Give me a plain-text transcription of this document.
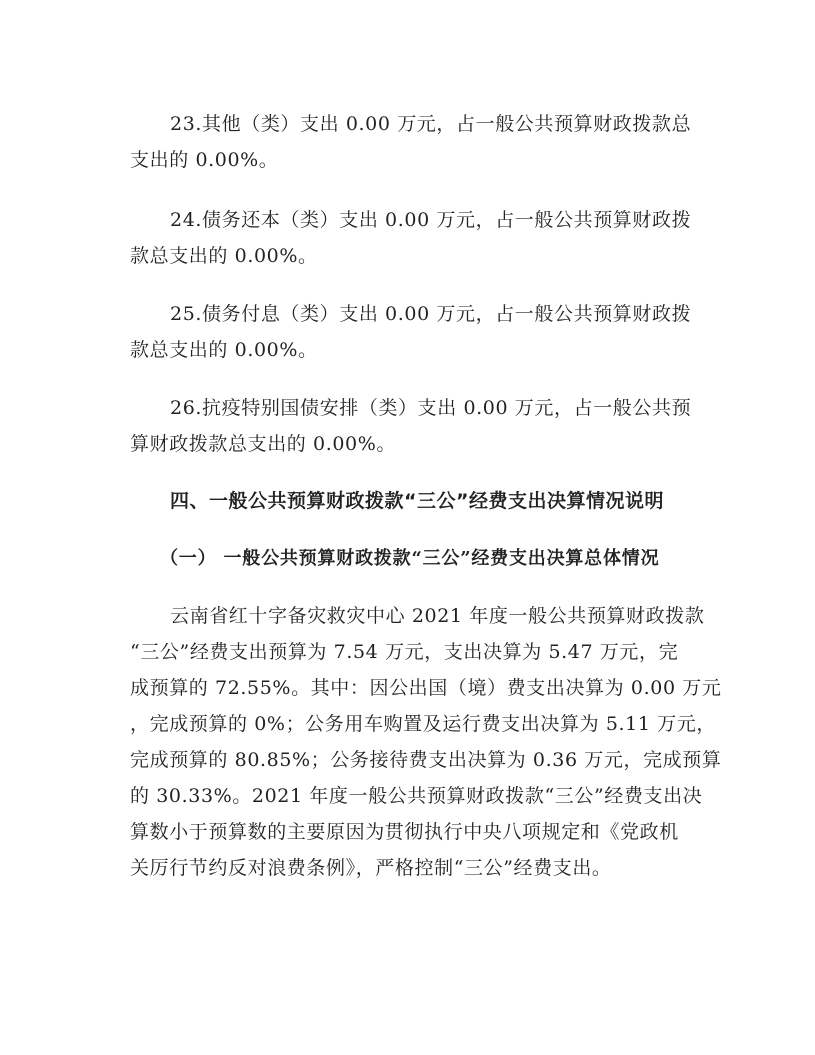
23.其他（类）支出 0.00 万元，占一般公共预算财政拨款总
支出的 0.00%。

24.债务还本（类）支出 0.00 万元，占一般公共预算财政拨
款总支出的 0.00%。

25.债务付息（类）支出 0.00 万元，占一般公共预算财政拨
款总支出的 0.00%。

26.抗疫特别国债安排（类）支出 0.00 万元，占一般公共预
算财政拨款总支出的 0.00%。

四、一般公共预算财政拨款“三公”经费支出决算情况说明
（一） 一般公共预算财政拨款“三公”经费支出决算总体情况

云南省红十字备灾救灾中心 2021 年度一般公共预算财政拨款
“三公”经费支出预算为 7.54 万元，支出决算为 5.47 万元，完
成预算的 72.55%。其中：因公出国（境）费支出决算为 0.00 万元
，完成预算的 0%；公务用车购置及运行费支出决算为 5.11 万元，
完成预算的 80.85%；公务接待费支出决算为 0.36 万元，完成预算
的 30.33%。2021 年度一般公共预算财政拨款“三公”经费支出决
算数小于预算数的主要原因为贯彻执行中央八项规定和《党政机
关厉行节约反对浪费条例》，严格控制“三公”经费支出。
